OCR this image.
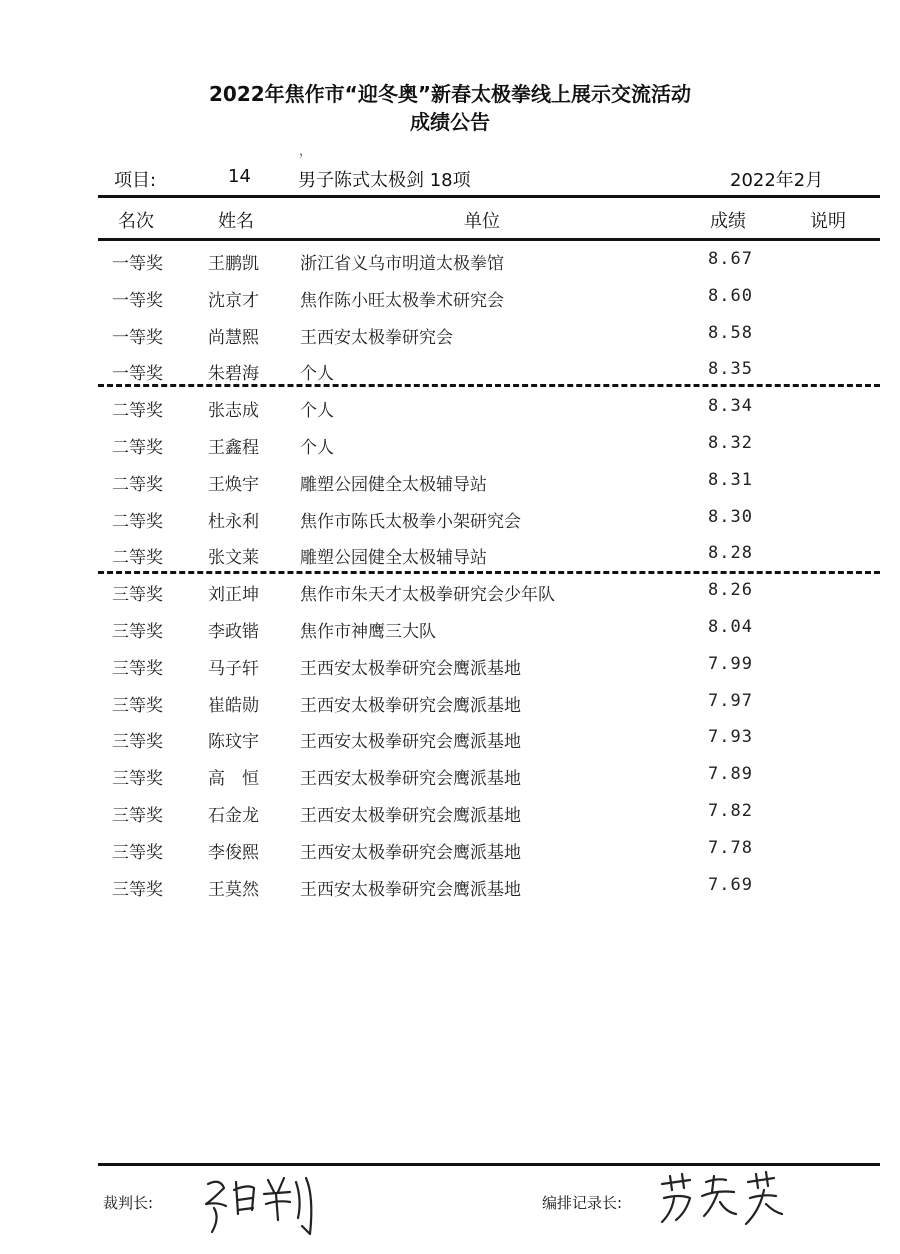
2022年焦作市“迎冬奥”新春太极拳线上展示交流活动
成绩公告
，
项目:	14	男子陈式太极剑 18项	2022年2月
名次	姓名	单位	成绩	说明
一等奖	王鹏凯 浙江省义乌市明道太极拳馆	8.67
一等奖	沈京才 焦作陈小旺太极拳术研究会	8.60
一等奖	尚慧熙 王西安太极拳研究会	8.58
一等奖	朱碧海 个人	8.35
二等奖	张志成 个人	8.34
二等奖	王鑫程 个人	8.32
二等奖	王焕宇 雕塑公园健全太极辅导站	8.31
二等奖	杜永利 焦作市陈氏太极拳小架研究会	8.30
二等奖	张文莱 雕塑公园健全太极辅导站	8.28
三等奖	刘正坤 焦作市朱天才太极拳研究会少年队	8.26
三等奖	李政锴 焦作市神鹰三大队	8.04
三等奖	马子轩 王西安太极拳研究会鹰派基地	7.99
三等奖	崔皓勋 王西安太极拳研究会鹰派基地	7.97
三等奖	陈玟宇 王西安太极拳研究会鹰派基地	7.93
三等奖	高　恒 王西安太极拳研究会鹰派基地	7.89
三等奖	石金龙 王西安太极拳研究会鹰派基地	7.82
三等奖	李俊熙 王西安太极拳研究会鹰派基地	7.78
三等奖	王莫然 王西安太极拳研究会鹰派基地	7.69
裁判长:	编排记录长:
